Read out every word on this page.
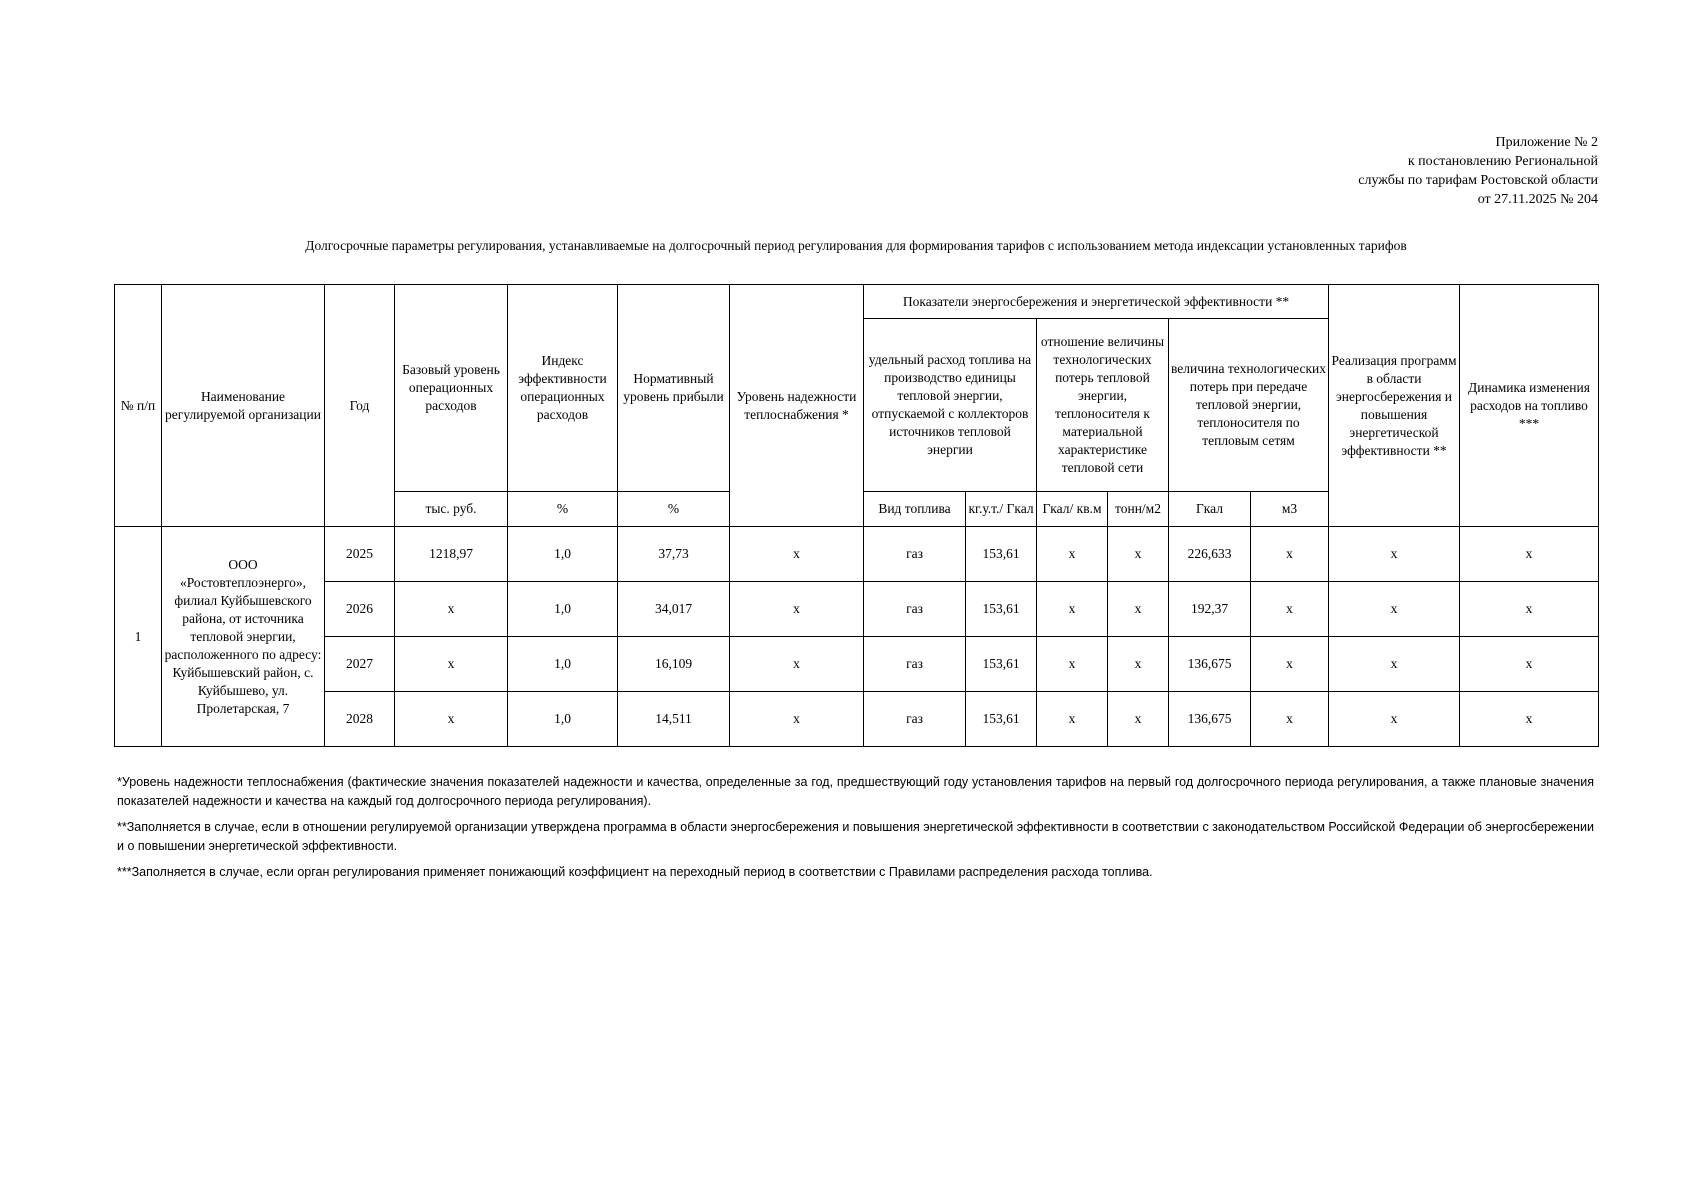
Приложение № 2
к постановлению Региональной
службы по тарифам Ростовской области
от 27.11.2025 № 204
Долгосрочные параметры регулирования, устанавливаемые на долгосрочный период регулирования для формирования тарифов с использованием метода индексации установленных тарифов
№ п/п	Наименование регулируемой организации	Год	Базовый уровень операционных расходов	Индекс эффективности операционных расходов	Нормативный уровень прибыли	Уровень надежности теплоснабжения *	Показатели энергосбережения и энергетической эффективности **						Реализация программ в области энергосбережения и повышения энергетической эффективности **	Динамика изменения расходов на топливо ***
							удельный расход топлива на производство единицы тепловой энергии, отпускаемой с коллекторов источников тепловой энергии		отношение величины технологических потерь тепловой энергии, теплоносителя к материальной характеристике тепловой сети		величина технологических потерь при передаче тепловой энергии, теплоносителя по тепловым сетям			
			тыс. руб.	%	%		Вид топлива	кг.у.т./ Гкал	Гкал/ кв.м	тонн/м2	Гкал	м3		
1	ООО «Ростовтеплоэнерго», филиал Куйбышевского района, от источника тепловой энергии, расположенного по адресу: Куйбышевский район, с. Куйбышево, ул. Пролетарская, 7	2025	1218,97	1,0	37,73	х	газ	153,61	х	х	226,633	х	х	х
		2026	х	1,0	34,017	х	газ	153,61	х	х	192,37	х	х	х
		2027	х	1,0	16,109	х	газ	153,61	х	х	136,675	х	х	х
		2028	х	1,0	14,511	х	газ	153,61	х	х	136,675	х	х	х

*Уровень надежности теплоснабжения (фактические значения показателей надежности и качества, определенные за год, предшествующий году установления тарифов на первый год долгосрочного периода регулирования, а также плановые значения показателей надежности и качества на каждый год долгосрочного периода регулирования).

**Заполняется в случае, если в отношении регулируемой организации утверждена программа в области энергосбережения и повышения энергетической эффективности в соответствии с законодательством Российской Федерации об энергосбережении и о повышении энергетической эффективности.

***Заполняется в случае, если орган регулирования применяет понижающий коэффициент на переходный период в соответствии с Правилами распределения расхода топлива.
